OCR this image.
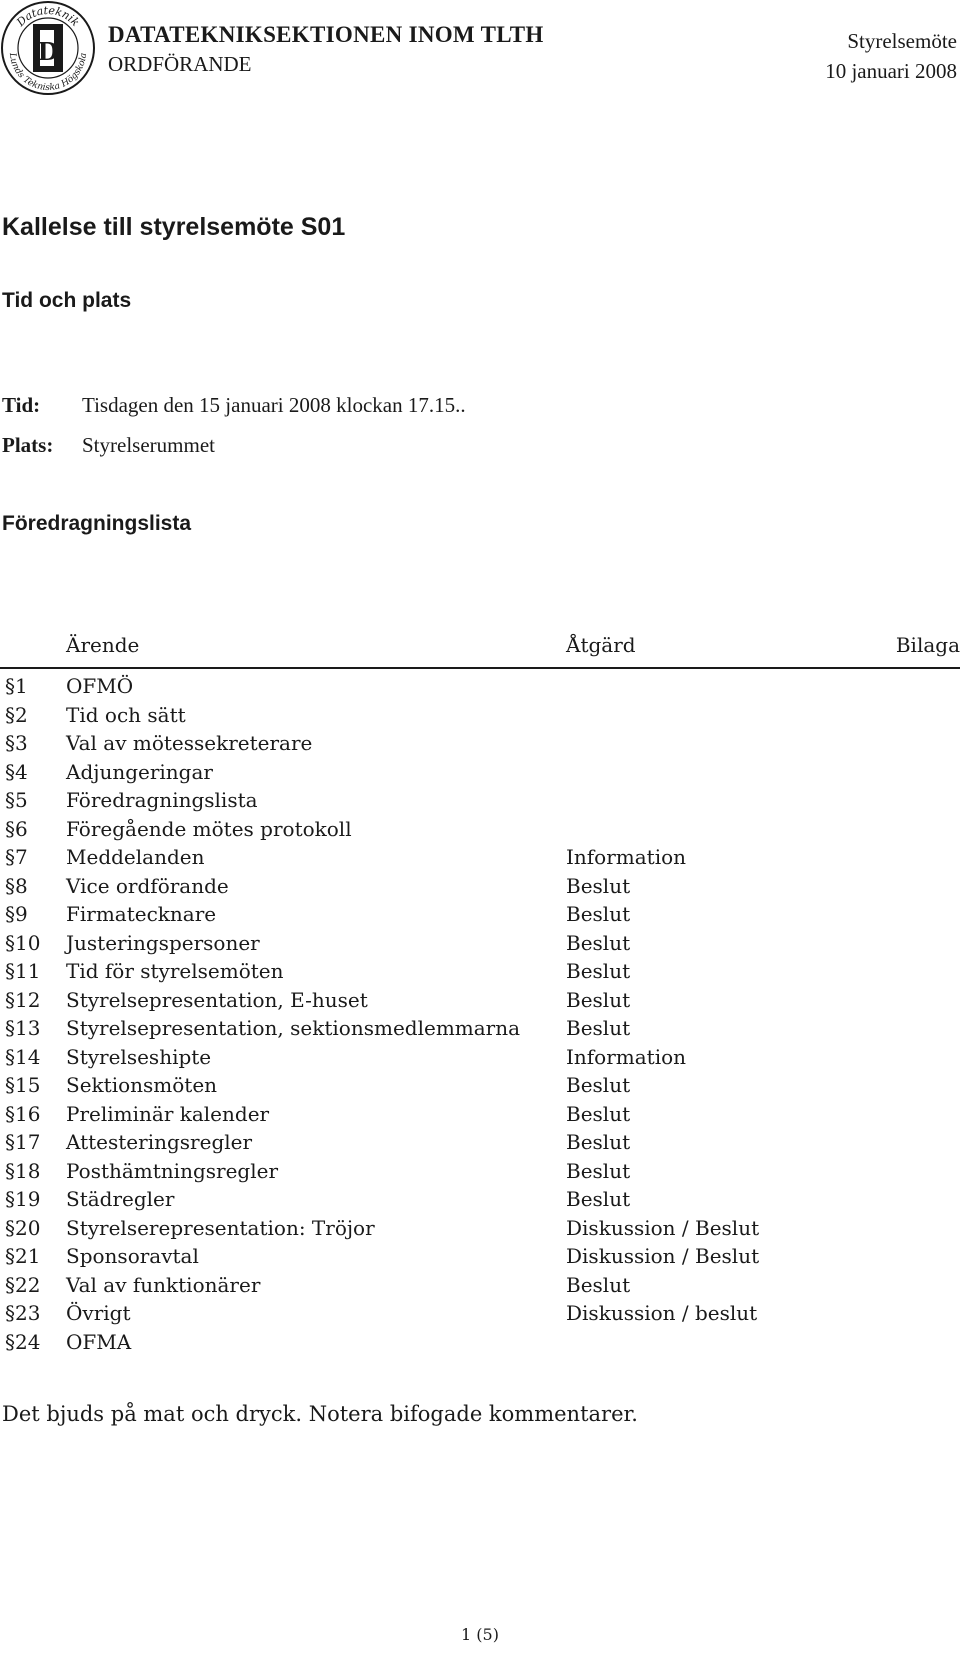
Datateknik
Lunds Tekniska Högskola
D
DATATEKNIKSEKTIONEN INOM TLTH
ORDFÖRANDE
Styrelsemöte
10 januari 2008
Kallelse till styrelsemöte S01
Tid och plats
Tid: Tisdagen den 15 januari 2008 klockan 17.15..
Plats: Styrelserummet
Föredragningslista
Ärende	Åtgärd	Bilaga
§1 OFMÖ
§2 Tid och sätt
§3 Val av mötessekreterare
§4 Adjungeringar
§5 Föredragningslista
§6 Föregående mötes protokoll
§7 Meddelanden	Information
§8 Vice ordförande	Beslut
§9 Firmatecknare	Beslut
§10 Justeringspersoner	Beslut
§11 Tid för styrelsemöten	Beslut
§12 Styrelsepresentation, E-huset	Beslut
§13 Styrelsepresentation, sektionsmedlemmarna Beslut
§14 Styrelseshipte	Information
§15 Sektionsmöten	Beslut
§16 Preliminär kalender	Beslut
§17 Attesteringsregler	Beslut
§18 Posthämtningsregler	Beslut
§19 Städregler	Beslut
§20 Styrelserepresentation: Tröjor	Diskussion / Beslut
§21 Sponsoravtal	Diskussion / Beslut
§22 Val av funktionärer	Beslut
§23 Övrigt	Diskussion / beslut
§24 OFMA
Det bjuds på mat och dryck. Notera bifogade kommentarer.
1 (5)
